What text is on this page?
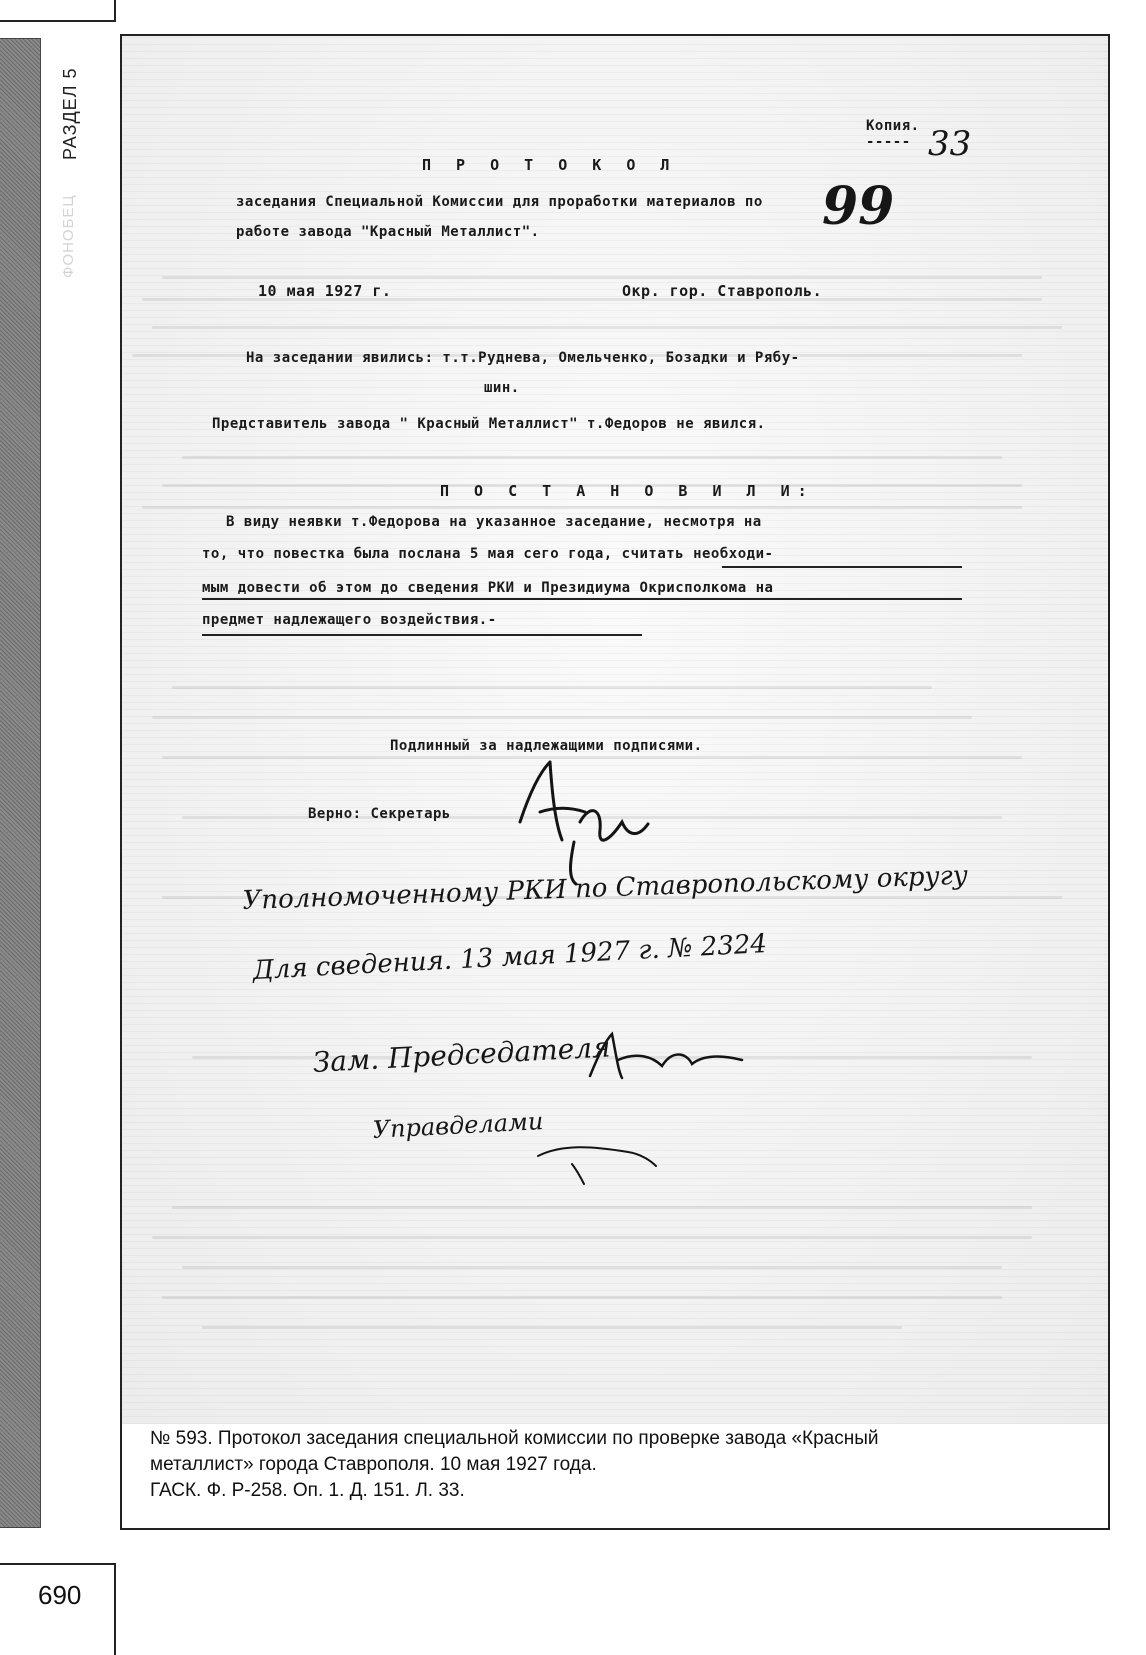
РАЗДЕЛ 5
ФОНОБЕЦ
Копия.
----- 33
99
П Р О Т О К О Л
заседания Специальной Комиссии для проработки материалов по
работе завода "Красный Металлист".
10 мая 1927 г.	Окр. гор. Ставрополь.
На заседании явились: т.т.Руднева, Омельченко, Бозадки и Рябу-
шин.
Представитель завода " Красный Металлист" т.Федоров не явился.
П О С Т А Н О В И Л И:
В виду неявки т.Федорова на указанное заседание, несмотря на
то, что повестка была послана 5 мая сего года, считать необходи-
мым довести об этом до сведения РКИ и Президиума Окрисполкома на
предмет надлежащего воздействия.-
Подлинный за надлежащими подписями.
Верно: Секретарь
Уполномоченному РКИ по Ставропольскому округу
Для сведения. 13 мая 1927 г. № 2324
Зам. Председателя
Управделами
№ 593. Протокол заседания специальной комиссии по проверке завода «Красный
металлист» города Ставрополя. 10 мая 1927 года.
ГАСК. Ф. Р-258. Оп. 1. Д. 151. Л. 33.
690
